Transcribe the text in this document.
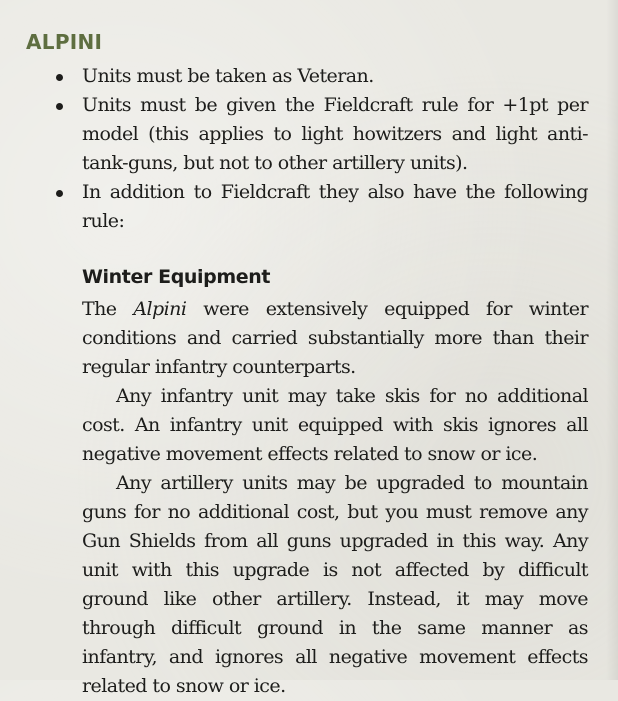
ALPINI
Units must be taken as Veteran.
Units must be given the Fieldcraft rule for +1pt per model (this applies to light howitzers and light anti-tank-guns, but not to other artillery units).
In addition to Fieldcraft they also have the following rule:
Winter Equipment

The Alpini were extensively equipped for winter conditions and carried substantially more than their regular infantry counterparts.

Any infantry unit may take skis for no additional cost. An infantry unit equipped with skis ignores all negative movement effects related to snow or ice.

Any artillery units may be upgraded to mountain guns for no additional cost, but you must remove any Gun Shields from all guns upgraded in this way. Any unit with this upgrade is not affected by difficult ground like other artillery. Instead, it may move through difficult ground in the same manner as infantry, and ignores all negative movement effects related to snow or ice.
